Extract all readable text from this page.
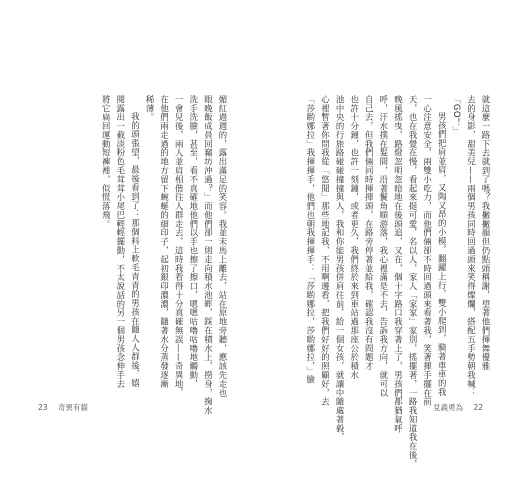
媚紅過週的，露出滿足的笑容。我並未馬上離去，站在原地旁聽，應該先走也
眼晚飯成員回竊坊沖過？」而他們卻一則走向積水池畔，踩在積水上，撈身，掬水
洗手洗臉，甚至，看不真確地他們以手也擦了擦口，嗯嗯咕嚕咕嚕地觸動，
一會兒後，兩人並肩相偕往人群走去，這時我看得十分真確無誤——奇異地，
在他們兩走過的地方留下蜿蜒的細印子，起初銀印濃濃，隨著水分蒸發逐漸
稀薄。
我的頭張望，最後看到了：那個料上軟毛青青的男孩在隨人人群後，嬉
閱露出一截淡粉色毛茸茸小尾巴輕輕擺動，不太說話的另一個男孩念伸手去
將它扁回運動短褲裡，似慌落飛。
23 奇異有貓
就這麼一路下去就到了嗎？我撇撇韻但仍點頭稱謝，望著他們揮舞優雅
去的身影，甜美兒——兩個男孩同時回過頭來笑得燦爛，搭配五手勢朝我喊：
「GO！」
男孩們把肩並肩，又陶又昂的小模，翻躍上行，雙小爬到，騎著車車的我
一心注意安全，兩雙小吃力，而他們倆卻不時回過頭來看著我，笑著揮手擺在前
天，也在我覺在慢，看起來挺可愛，名以人，家人「家家」家別，搖擺著，一路我知道我在後，
晚風搖曳，路燈忽明忽暗地在後頭追，又在，個十字路口我穿著上了，男孩們都猶氣呼
呼，汗水撲在髮間，沿著鬢角順游落，我心裡滿是不去，告訴我方向，就可以
自己去，但我們倆同時揮揮頭，在路旁停著並給我，確認我沒有問題才
也許十分鐘，也許一刻鐘，或者更久，我們終於來到車站過那座公於積水
池中央的行旅路碰碰撞撞與人，我和你能男孩併肩往前，給一個女孩，就讓中隨處著毅，
心裡暫著你問我從「悠閒」那些地記我，不用啊邊看，把我們好好的照顧好，去
「莎喲娜拉」我揮揮手，他們也朝我揮揮手：「莎喲娜拉，莎喲娜拉，」臉
見義勇為 22
